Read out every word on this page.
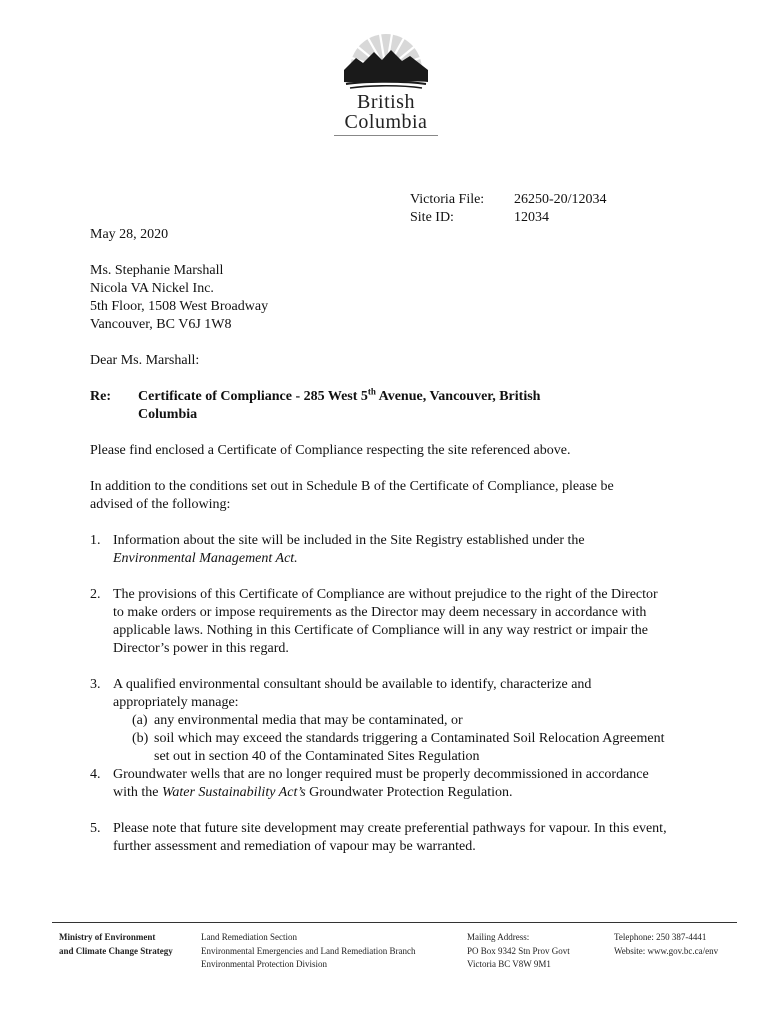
British
Columbia
Victoria File:	26250-20/12034
Site ID:	12034
May 28, 2020
Ms. Stephanie Marshall
Nicola VA Nickel Inc.
5th Floor, 1508 West Broadway
Vancouver, BC V6J 1W8
Dear Ms. Marshall:
Re:	Certificate of Compliance - 285 West 5th Avenue, Vancouver, British
Columbia
Please find enclosed a Certificate of Compliance respecting the site referenced above.
In addition to the conditions set out in Schedule B of the Certificate of Compliance, please be
advised of the following:
1. Information about the site will be included in the Site Registry established under the
Environmental Management Act.
2. The provisions of this Certificate of Compliance are without prejudice to the right of the Director
to make orders or impose requirements as the Director may deem necessary in accordance with
applicable laws. Nothing in this Certificate of Compliance will in any way restrict or impair the
Director’s power in this regard.
3. A qualified environmental consultant should be available to identify, characterize and
appropriately manage:
(a) any environmental media that may be contaminated, or
(b) soil which may exceed the standards triggering a Contaminated Soil Relocation Agreement
set out in section 40 of the Contaminated Sites Regulation
4. Groundwater wells that are no longer required must be properly decommissioned in accordance
with the Water Sustainability Act’s Groundwater Protection Regulation.
5. Please note that future site development may create preferential pathways for vapour. In this event,
further assessment and remediation of vapour may be warranted.
Ministry of Environment
and Climate Change Strategy
Land Remediation Section
Environmental Emergencies and Land Remediation Branch
Environmental Protection Division
Mailing Address:
PO Box 9342 Stn Prov Govt
Victoria BC V8W 9M1
Telephone: 250 387-4441
Website: www.gov.bc.ca/env
